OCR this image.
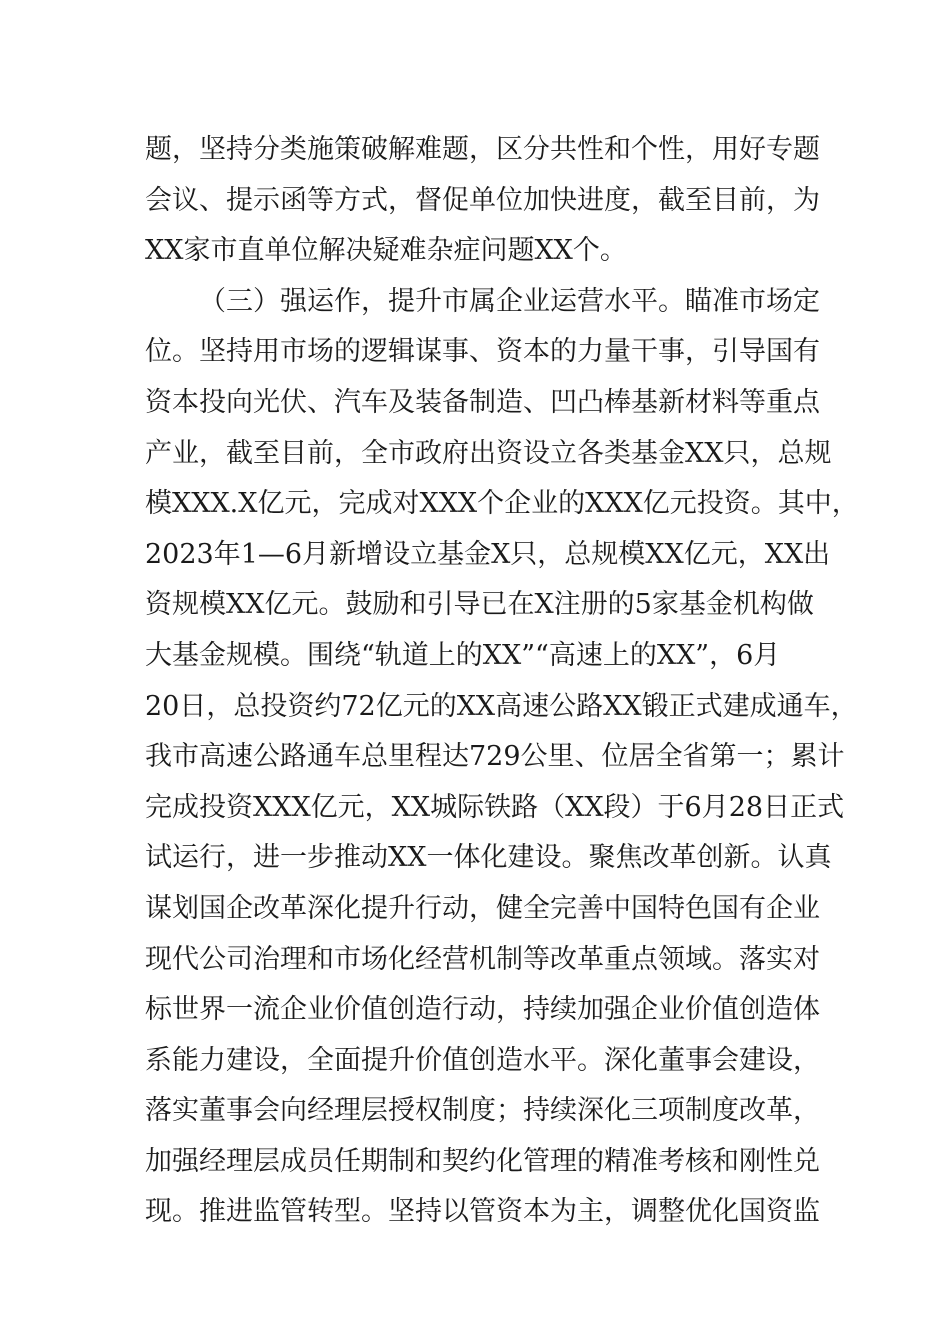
题，坚持分类施策破解难题，区分共性和个性，用好专题
会议、提示函等方式，督促单位加快进度，截至目前，为
XX家市直单位解决疑难杂症问题XX个。
（三）强运作，提升市属企业运营水平。瞄准市场定
位。坚持用市场的逻辑谋事、资本的力量干事，引导国有
资本投向光伏、汽车及装备制造、凹凸棒基新材料等重点
产业，截至目前，全市政府出资设立各类基金XX只，总规
模XXX.X亿元，完成对XXX个企业的XXX亿元投资。其中，
2023年1—6月新增设立基金X只，总规模XX亿元，XX出
资规模XX亿元。鼓励和引导已在X注册的5家基金机构做
大基金规模。围绕“轨道上的XX”“高速上的XX”，6月
20日，总投资约72亿元的XX高速公路XX锻正式建成通车，
我市高速公路通车总里程达729公里、位居全省第一；累计
完成投资XXX亿元，XX城际铁路（XX段）于6月28日正式
试运行，进一步推动XX一体化建设。聚焦改革创新。认真
谋划国企改革深化提升行动，健全完善中国特色国有企业
现代公司治理和市场化经营机制等改革重点领域。落实对
标世界一流企业价值创造行动，持续加强企业价值创造体
系能力建设，全面提升价值创造水平。深化董事会建设，
落实董事会向经理层授权制度；持续深化三项制度改革，
加强经理层成员任期制和契约化管理的精准考核和刚性兑
现。推进监管转型。坚持以管资本为主，调整优化国资监
